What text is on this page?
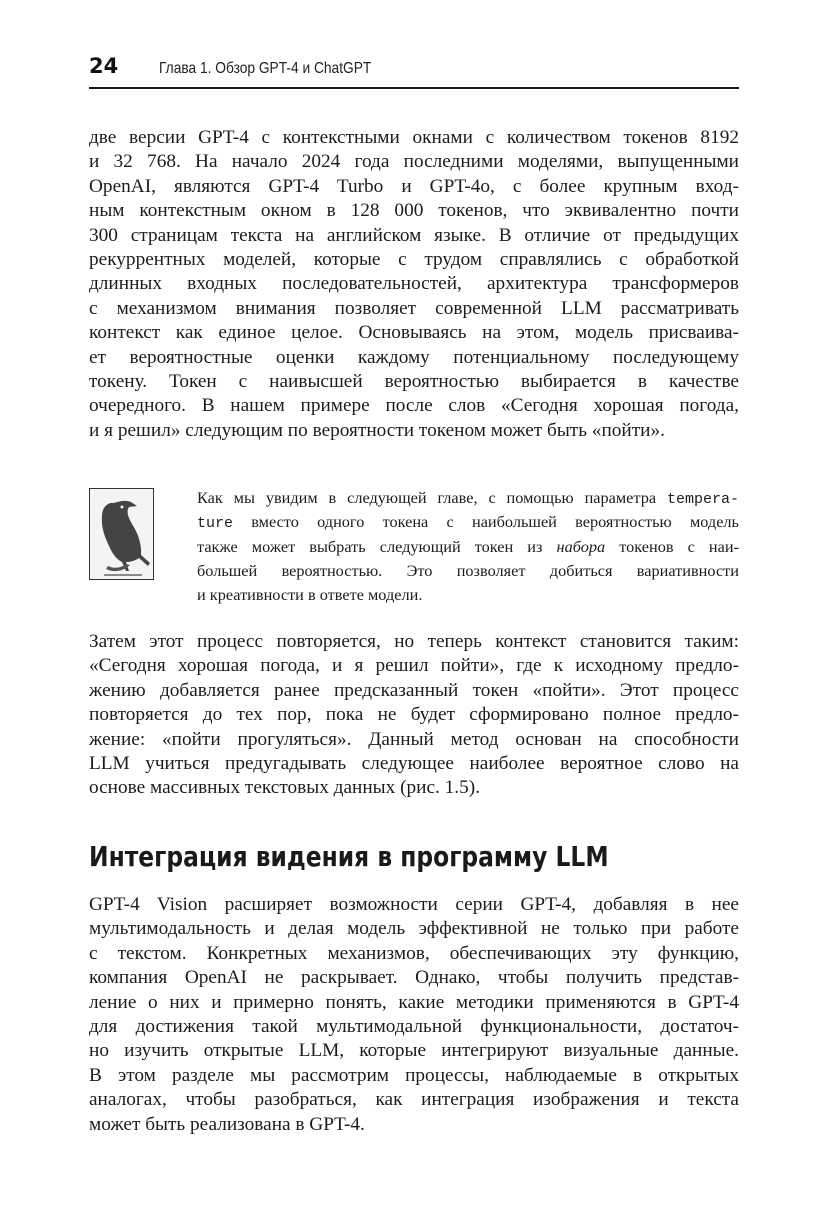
24	Глава 1. Обзор GPT-4 и ChatGPT
две версии GPT-4 с контекстными окнами с количеством токенов 8192
и 32 768. На начало 2024 года последними моделями, выпущенными
OpenAI, являются GPT-4 Turbo и GPT-4o, с более крупным вход-
ным контекстным окном в 128 000 токенов, что эквивалентно почти
300 страницам текста на английском языке. В отличие от предыдущих
рекуррентных моделей, которые с трудом справлялись с обработкой
длинных входных последовательностей, архитектура трансформеров
с механизмом внимания позволяет современной LLM рассматривать
контекст как единое целое. Основываясь на этом, модель присваива-
ет вероятностные оценки каждому потенциальному последующему
токену. Токен с наивысшей вероятностью выбирается в качестве
очередного. В нашем примере после слов «Сегодня хорошая погода,
и я решил» следующим по вероятности токеном может быть «пойти».
Как мы увидим в следующей главе, с помощью параметра tempera-
ture вместо одного токена с наибольшей вероятностью модель
также может выбрать следующий токен из набора токенов с наи-
большей вероятностью. Это позволяет добиться вариативности
и креативности в ответе модели.
Затем этот процесс повторяется, но теперь контекст становится таким:
«Сегодня хорошая погода, и я решил пойти», где к исходному предло-
жению добавляется ранее предсказанный токен «пойти». Этот процесс
повторяется до тех пор, пока не будет сформировано полное предло-
жение: «пойти прогуляться». Данный метод основан на способности
LLM учиться предугадывать следующее наиболее вероятное слово на
основе массивных текстовых данных (рис. 1.5).
Интеграция видения в программу LLM
GPT-4 Vision расширяет возможности серии GPT-4, добавляя в нее
мультимодальность и делая модель эффективной не только при работе
с текстом. Конкретных механизмов, обеспечивающих эту функцию,
компания OpenAI не раскрывает. Однако, чтобы получить представ-
ление о них и примерно понять, какие методики применяются в GPT-4
для достижения такой мультимодальной функциональности, достаточ-
но изучить открытые LLM, которые интегрируют визуальные данные.
В этом разделе мы рассмотрим процессы, наблюдаемые в открытых
аналогах, чтобы разобраться, как интеграция изображения и текста
может быть реализована в GPT-4.
